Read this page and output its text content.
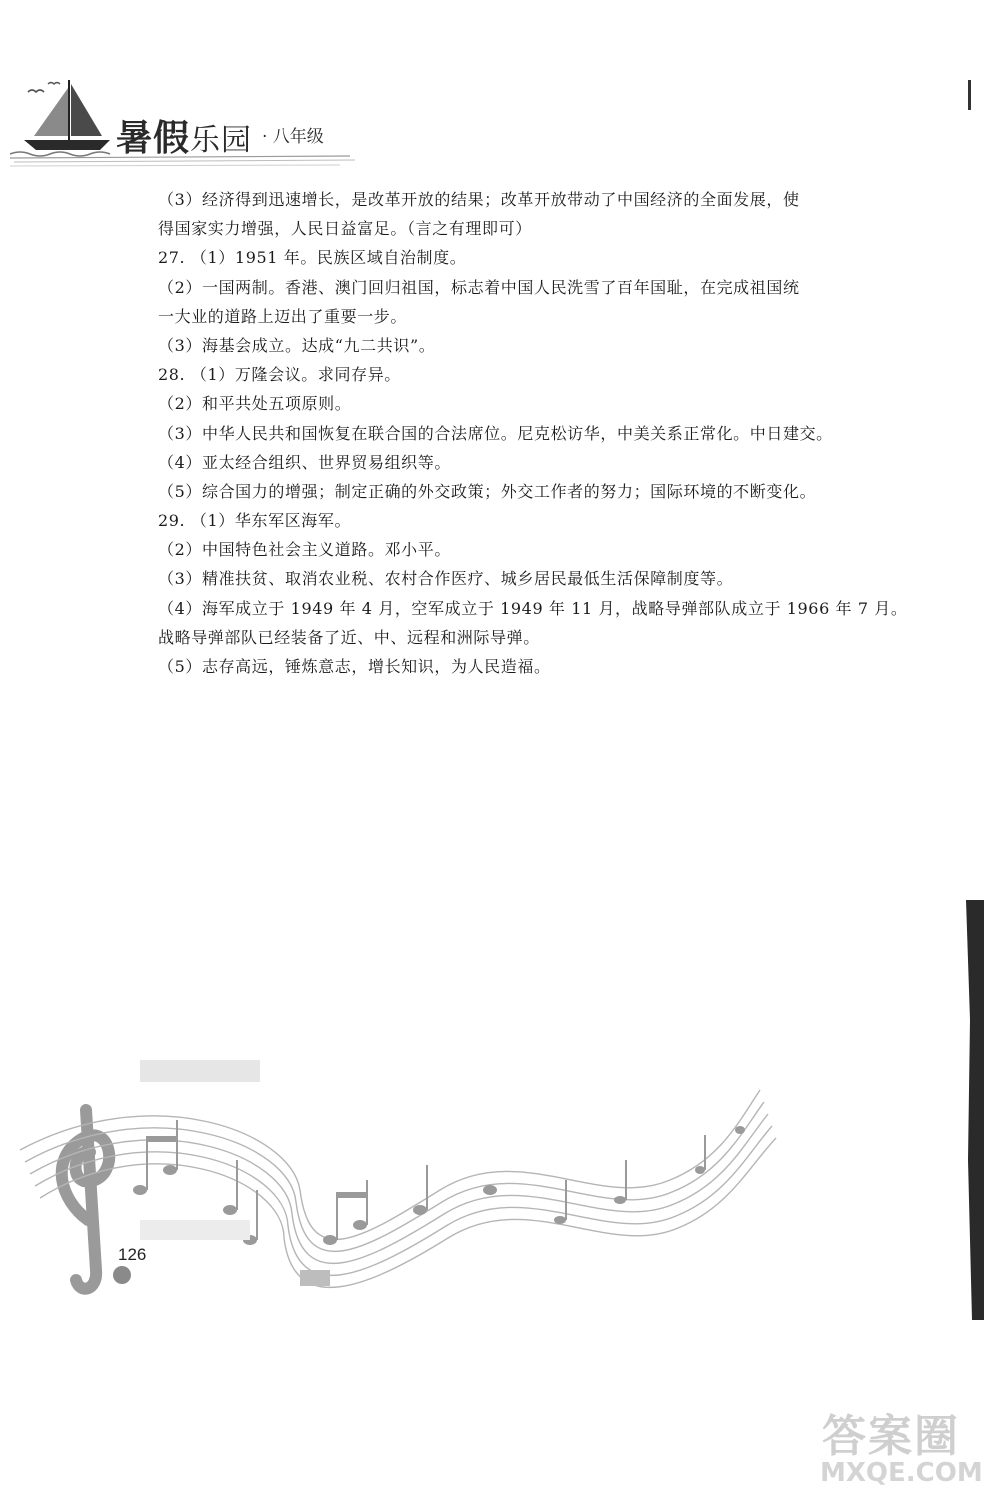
暑假乐园 · 八年级
（3）经济得到迅速增长，是改革开放的结果；改革开放带动了中国经济的全面发展，使
得国家实力增强，人民日益富足。（言之有理即可）
27. （1）1951 年。民族区域自治制度。
（2）一国两制。香港、澳门回归祖国，标志着中国人民洗雪了百年国耻，在完成祖国统
一大业的道路上迈出了重要一步。
（3）海基会成立。达成“九二共识”。
28. （1）万隆会议。求同存异。
（2）和平共处五项原则。
（3）中华人民共和国恢复在联合国的合法席位。尼克松访华，中美关系正常化。中日建交。
（4）亚太经合组织、世界贸易组织等。
（5）综合国力的增强；制定正确的外交政策；外交工作者的努力；国际环境的不断变化。
29. （1）华东军区海军。
（2）中国特色社会主义道路。邓小平。
（3）精准扶贫、取消农业税、农村合作医疗、城乡居民最低生活保障制度等。
（4）海军成立于 1949 年 4 月，空军成立于 1949 年 11 月，战略导弹部队成立于 1966 年 7 月。
战略导弹部队已经装备了近、中、远程和洲际导弹。
（5）志存高远，锤炼意志，增长知识，为人民造福。
126
答案圈
MXQE.COM
